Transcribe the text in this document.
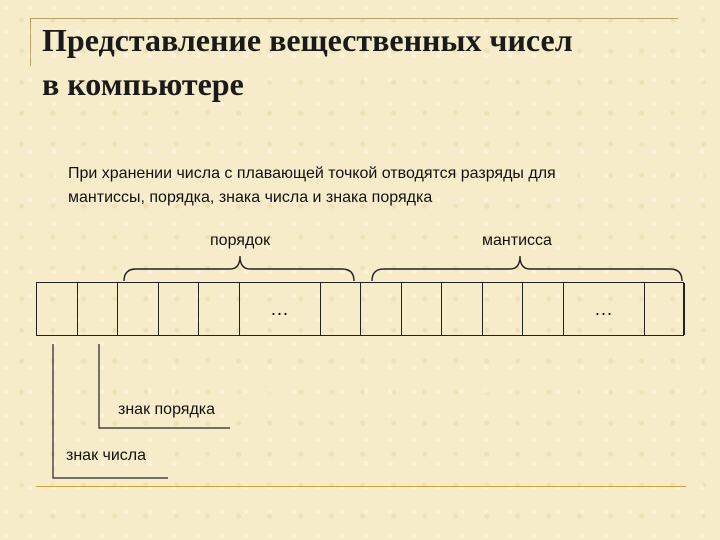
Представление вещественных чисел
в компьютере
При хранении числа с плавающей точкой отводятся разряды для
мантиссы, порядка, знака числа и знака порядка
порядок	мантисса
…	…
знак порядка
знак числа
